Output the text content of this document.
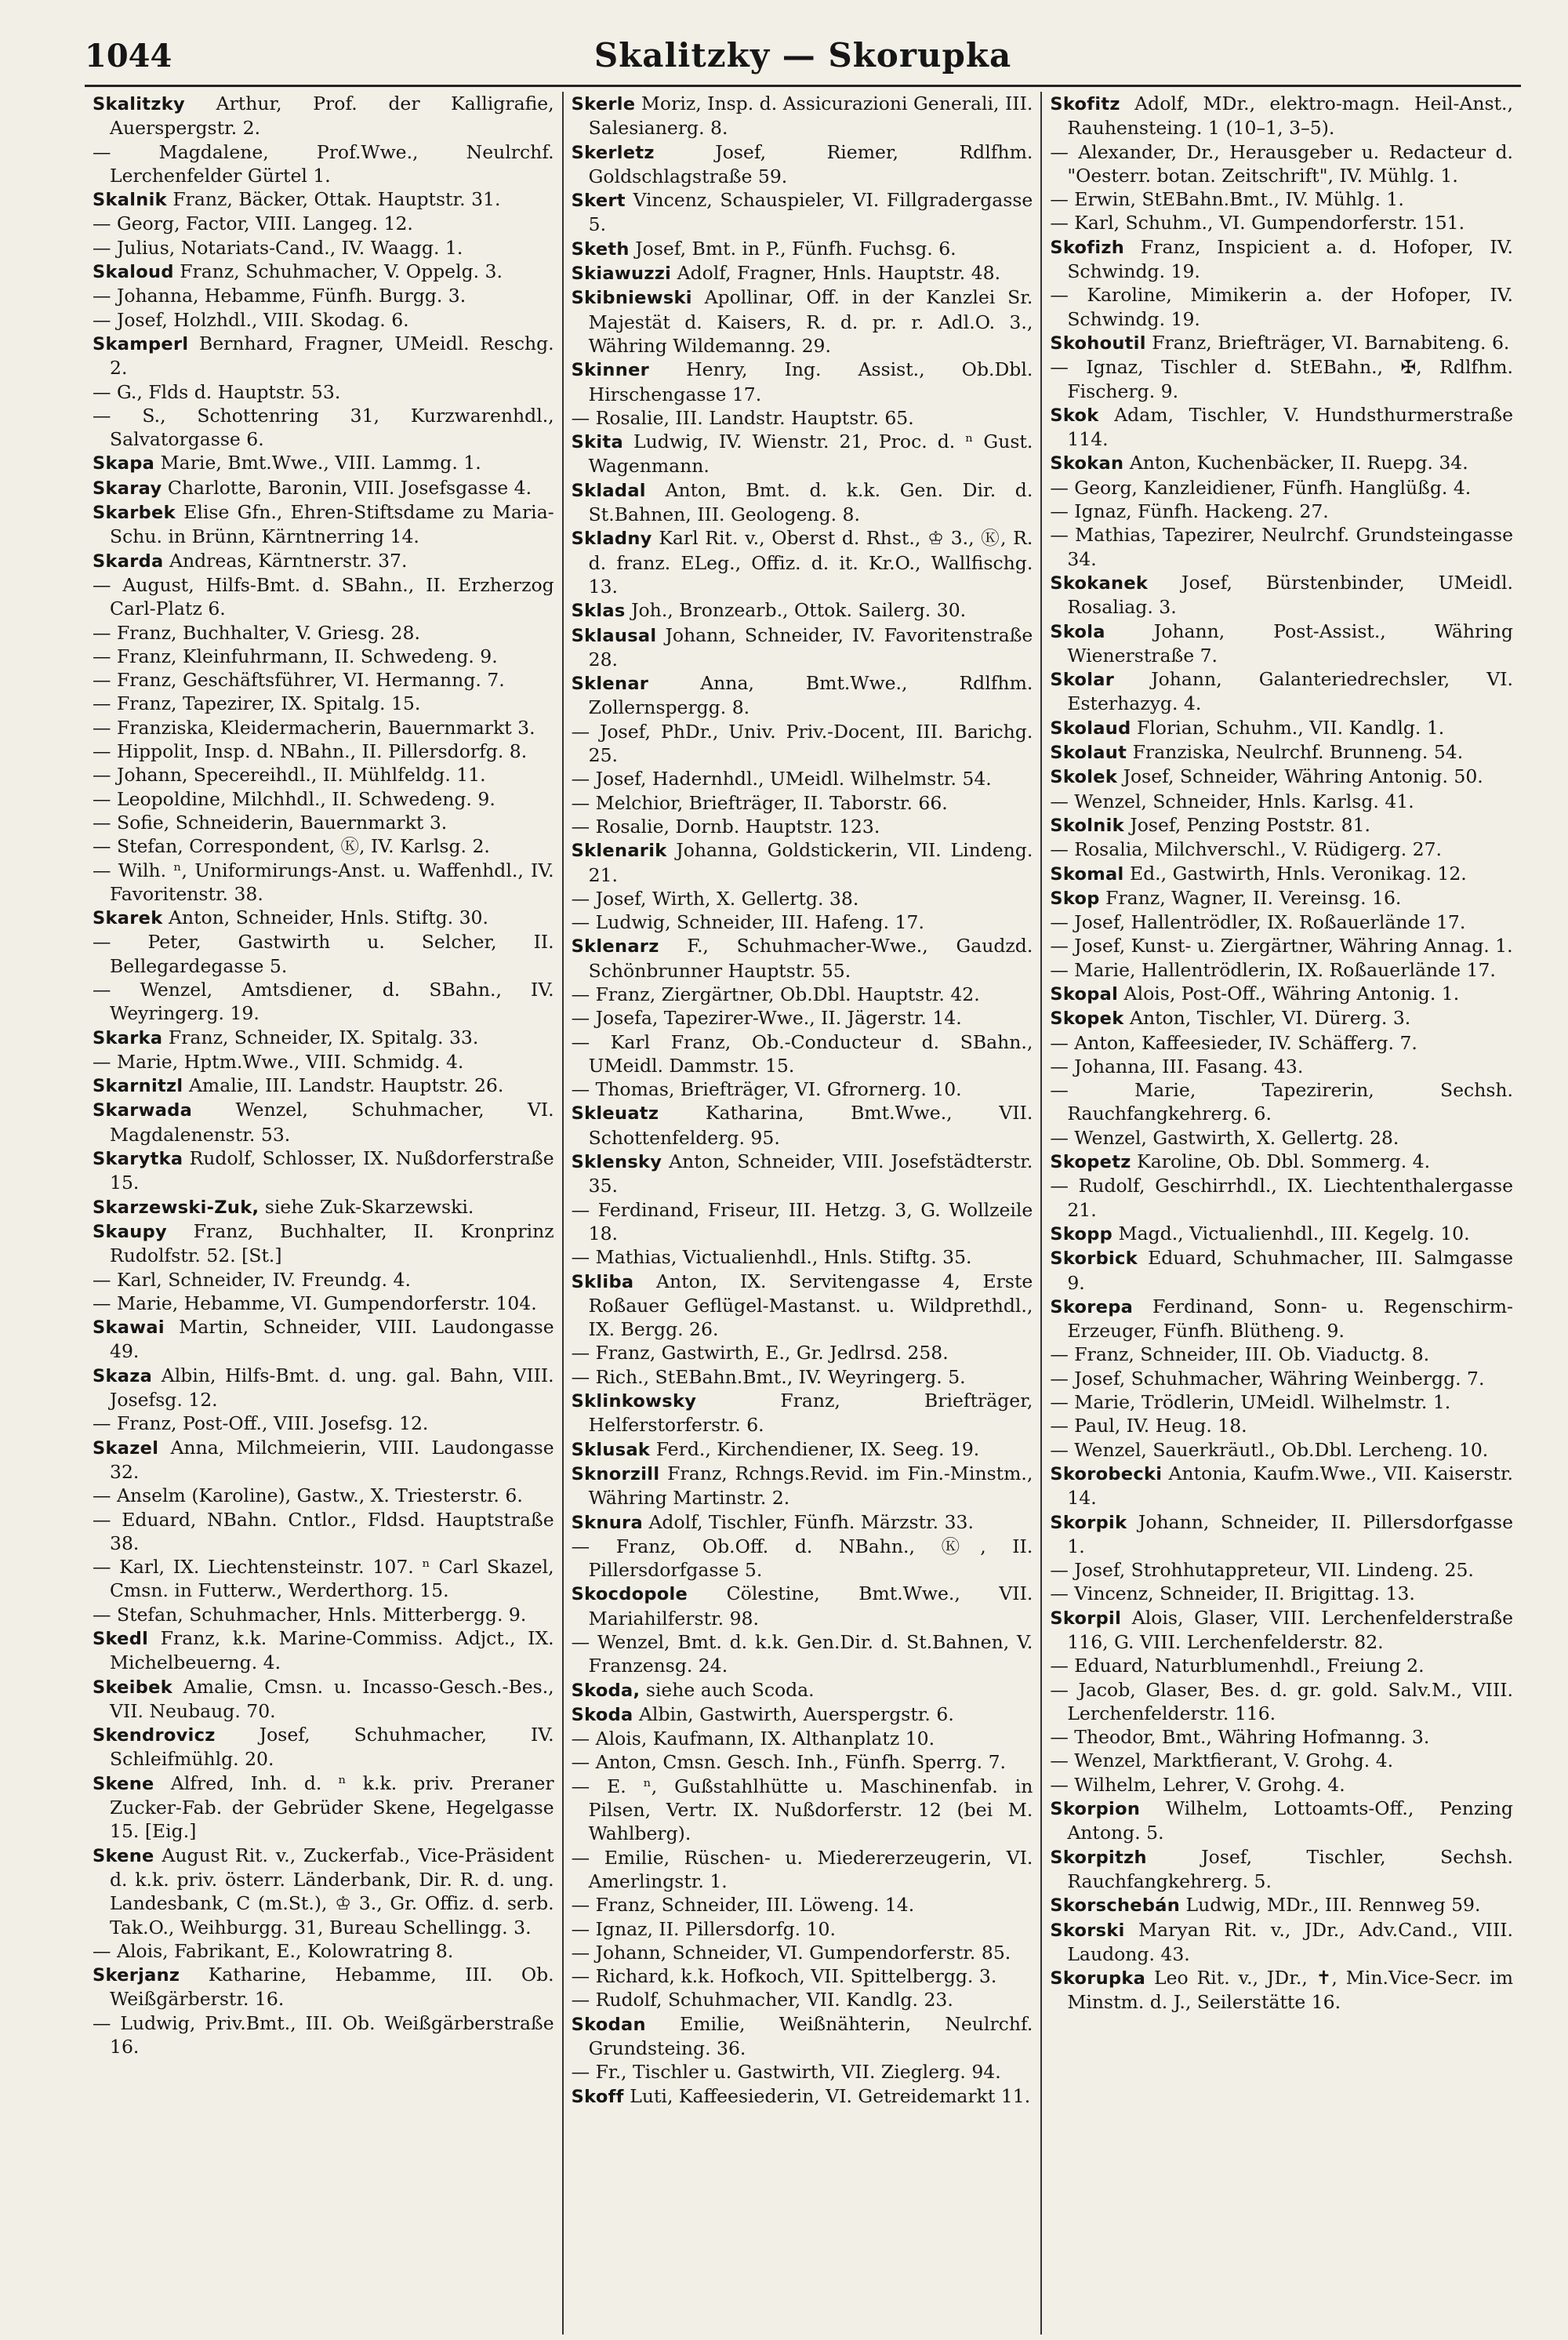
1044	Skalitzky — Skorupka

Skalitzky Arthur, Prof. der Kalligrafie, Auerspergstr. 2.

— Magdalene, Prof.Wwe., Neulrchf. Lerchenfelder Gürtel 1.

Skalnik Franz, Bäcker, Ottak. Hauptstr. 31.

— Georg, Factor, VIII. Langeg. 12.

— Julius, Notariats-Cand., IV. Waagg. 1.

Skaloud Franz, Schuhmacher, V. Oppelg. 3.

— Johanna, Hebamme, Fünfh. Burgg. 3.

— Josef, Holzhdl., VIII. Skodag. 6.

Skamperl Bernhard, Fragner, UMeidl. Reschg. 2.

— G., Flds d. Hauptstr. 53.

— S., Schottenring 31, Kurzwarenhdl., Salvatorgasse 6.

Skapa Marie, Bmt.Wwe., VIII. Lammg. 1.

Skaray Charlotte, Baronin, VIII. Josefsgasse 4.

Skarbek Elise Gfn., Ehren-Stiftsdame zu Maria-Schu. in Brünn, Kärntnerring 14.

Skarda Andreas, Kärntnerstr. 37.

— August, Hilfs-Bmt. d. SBahn., II. Erzherzog Carl-Platz 6.

— Franz, Buchhalter, V. Griesg. 28.

— Franz, Kleinfuhrmann, II. Schwedeng. 9.

— Franz, Geschäftsführer, VI. Hermanng. 7.

— Franz, Tapezirer, IX. Spitalg. 15.

— Franziska, Kleidermacherin, Bauernmarkt 3.

— Hippolit, Insp. d. NBahn., II. Pillersdorfg. 8.

— Johann, Specereihdl., II. Mühlfeldg. 11.

— Leopoldine, Milchhdl., II. Schwedeng. 9.

— Sofie, Schneiderin, Bauernmarkt 3.

— Stefan, Correspondent, Ⓚ, IV. Karlsg. 2.

— Wilh. ⁿ, Uniformirungs-Anst. u. Waffenhdl., IV. Favoritenstr. 38.

Skarek Anton, Schneider, Hnls. Stiftg. 30.

— Peter, Gastwirth u. Selcher, II. Bellegardegasse 5.

— Wenzel, Amtsdiener, d. SBahn., IV. Weyringerg. 19.

Skarka Franz, Schneider, IX. Spitalg. 33.

— Marie, Hptm.Wwe., VIII. Schmidg. 4.

Skarnitzl Amalie, III. Landstr. Hauptstr. 26.

Skarwada Wenzel, Schuhmacher, VI. Magdalenenstr. 53.

Skarytka Rudolf, Schlosser, IX. Nußdorferstraße 15.

Skarzewski-Zuk, siehe Zuk-Skarzewski.

Skaupy Franz, Buchhalter, II. Kronprinz Rudolfstr. 52. [St.]

— Karl, Schneider, IV. Freundg. 4.

— Marie, Hebamme, VI. Gumpendorferstr. 104.

Skawai Martin, Schneider, VIII. Laudongasse 49.

Skaza Albin, Hilfs-Bmt. d. ung. gal. Bahn, VIII. Josefsg. 12.

— Franz, Post-Off., VIII. Josefsg. 12.

Skazel Anna, Milchmeierin, VIII. Laudongasse 32.

— Anselm (Karoline), Gastw., X. Triesterstr. 6.

— Eduard, NBahn. Cntlor., Fldsd. Hauptstraße 38.

— Karl, IX. Liechtensteinstr. 107. ⁿ Carl Skazel, Cmsn. in Futterw., Werderthorg. 15.

— Stefan, Schuhmacher, Hnls. Mitterbergg. 9.

Skedl Franz, k.k. Marine-Commiss. Adjct., IX. Michelbeuerng. 4.

Skeibek Amalie, Cmsn. u. Incasso-Gesch.-Bes., VII. Neubaug. 70.

Skendrovicz Josef, Schuhmacher, IV. Schleifmühlg. 20.

Skene Alfred, Inh. d. ⁿ k.k. priv. Preraner Zucker-Fab. der Gebrüder Skene, Hegelgasse 15. [Eig.]

Skene August Rit. v., Zuckerfab., Vice-Präsident d. k.k. priv. österr. Länderbank, Dir. R. d. ung. Landesbank, C (m.St.), ♔ 3., Gr. Offiz. d. serb. Tak.O., Weihburgg. 31, Bureau Schellingg. 3.

— Alois, Fabrikant, E., Kolowratring 8.

Skerjanz Katharine, Hebamme, III. Ob. Weißgärberstr. 16.

— Ludwig, Priv.Bmt., III. Ob. Weißgärberstraße 16.

Skerle Moriz, Insp. d. Assicurazioni Generali, III. Salesianerg. 8.

Skerletz	Josef, Riemer, Rdlfhm. Goldschlagstraße 59.

Skert Vincenz, Schauspieler, VI. Fillgradergasse 5.

Sketh Josef, Bmt. in P., Fünfh. Fuchsg. 6.

Skiawuzzi Adolf, Fragner, Hnls. Hauptstr. 48.

Skibniewski Apollinar, Off. in der Kanzlei Sr. Majestät d. Kaisers, R. d. pr. r. Adl.O. 3., Währing Wildemanng. 29.

Skinner Henry, Ing. Assist., Ob.Dbl. Hirschengasse 17.

— Rosalie, III. Landstr. Hauptstr. 65.

Skita Ludwig, IV. Wienstr. 21, Proc. d. ⁿ Gust. Wagenmann.

Skladal Anton, Bmt. d. k.k. Gen. Dir. d. St.Bahnen, III. Geologeng. 8.

Skladny Karl Rit. v., Oberst d. Rhst., ♔ 3., Ⓚ, R. d. franz. ELeg., Offiz. d. it. Kr.O., Wallfischg. 13.

Sklas Joh., Bronzearb., Ottok. Sailerg. 30.

Sklausal Johann, Schneider, IV. Favoritenstraße 28.

Sklenar	Anna, Bmt.Wwe., Rdlfhm. Zollernspergg. 8.

— Josef, PhDr., Univ. Priv.-Docent, III. Barichg. 25.

— Josef, Hadernhdl., UMeidl. Wilhelmstr. 54.

— Melchior, Briefträger, II. Taborstr. 66.

— Rosalie, Dornb. Hauptstr. 123.

Sklenarik Johanna, Goldstickerin, VII. Lindeng. 21.

— Josef, Wirth, X. Gellertg. 38.

— Ludwig, Schneider, III. Hafeng. 17.

Sklenarz F., Schuhmacher-Wwe., Gaudzd. Schönbrunner Hauptstr. 55.

— Franz, Ziergärtner, Ob.Dbl. Hauptstr. 42.

— Josefa, Tapezirer-Wwe., II. Jägerstr. 14.

— Karl Franz, Ob.-Conducteur d. SBahn., UMeidl. Dammstr. 15.

— Thomas, Briefträger, VI. Gfrornerg. 10.

Skleuatz	Katharina, Bmt.Wwe., VII. Schottenfelderg. 95.

Sklensky Anton, Schneider, VIII. Josefstädterstr. 35.

— Ferdinand, Friseur, III. Hetzg. 3, G. Wollzeile 18.

— Mathias, Victualienhdl., Hnls. Stiftg. 35.

Skliba Anton, IX. Servitengasse 4, Erste Roßauer Geflügel-Mastanst. u. Wildprethdl., IX. Bergg. 26.

— Franz, Gastwirth, E., Gr. Jedlrsd. 258.

— Rich., StEBahn.Bmt., IV. Weyringerg. 5.

Sklinkowsky	Franz, Briefträger, Helferstorferstr. 6.

Sklusak Ferd., Kirchendiener, IX. Seeg. 19.

Sknorzill Franz, Rchngs.Revid. im Fin.-Minstm., Währing Martinstr. 2.

Sknura Adolf, Tischler, Fünfh. Märzstr. 33.

— Franz, Ob.Off. d. NBahn., Ⓚ, II. Pillersdorfgasse 5.

Skocdopole Cölestine, Bmt.Wwe., VII. Mariahilferstr. 98.

— Wenzel, Bmt. d. k.k. Gen.Dir. d. St.Bahnen, V. Franzensg. 24.

Skoda, siehe auch Scoda.

Skoda Albin, Gastwirth, Auerspergstr. 6.

— Alois, Kaufmann, IX. Althanplatz 10.

— Anton, Cmsn. Gesch. Inh., Fünfh. Sperrg. 7.

— E. ⁿ, Gußstahlhütte u. Maschinenfab. in Pilsen, Vertr. IX. Nußdorferstr. 12 (bei M. Wahlberg).

— Emilie, Rüschen- u. Miedererzeugerin, VI. Amerlingstr. 1.

— Franz, Schneider, III. Löweng. 14.

— Ignaz, II. Pillersdorfg. 10.

— Johann, Schneider, VI. Gumpendorferstr. 85.

— Richard, k.k. Hofkoch, VII. Spittelbergg. 3.

— Rudolf, Schuhmacher, VII. Kandlg. 23.

Skodan Emilie, Weißnähterin, Neulrchf. Grundsteing. 36.

— Fr., Tischler u. Gastwirth, VII. Zieglerg. 94.

Skoff Luti, Kaffeesiederin, VI. Getreidemarkt 11.

Skofitz Adolf, MDr., elektro-magn. Heil-Anst., Rauhensteing. 1 (10–1, 3–5).

— Alexander, Dr., Herausgeber u. Redacteur d. "Oesterr. botan. Zeitschrift", IV. Mühlg. 1.

— Erwin, StEBahn.Bmt., IV. Mühlg. 1.

— Karl, Schuhm., VI. Gumpendorferstr. 151.

Skofizh Franz, Inspicient a. d. Hofoper, IV. Schwindg. 19.

— Karoline, Mimikerin a. der Hofoper, IV. Schwindg. 19.

Skohoutil Franz, Briefträger, VI. Barnabiteng. 6.

— Ignaz, Tischler d. StEBahn., ✠, Rdlfhm. Fischerg. 9.

Skok Adam, Tischler, V. Hundsthurmerstraße 114.

Skokan Anton, Kuchenbäcker, II. Ruepg. 34.

— Georg, Kanzleidiener, Fünfh. Hanglüßg. 4.

— Ignaz, Fünfh. Hackeng. 27.

— Mathias, Tapezirer, Neulrchf. Grundsteingasse 34.

Skokanek Josef, Bürstenbinder, UMeidl. Rosaliag. 3.

Skola	Johann, Post-Assist., Währing Wienerstraße 7.

Skolar Johann, Galanteriedrechsler, VI. Esterhazyg. 4.

Skolaud Florian, Schuhm., VII. Kandlg. 1.

Skolaut Franziska, Neulrchf. Brunneng. 54.

Skolek Josef, Schneider, Währing Antonig. 50.

— Wenzel, Schneider, Hnls. Karlsg. 41.

Skolnik Josef, Penzing Poststr. 81.

— Rosalia, Milchverschl., V. Rüdigerg. 27.

Skomal Ed., Gastwirth, Hnls. Veronikag. 12.

Skop Franz, Wagner, II. Vereinsg. 16.

— Josef, Hallentrödler, IX. Roßauerlände 17.

— Josef, Kunst- u. Ziergärtner, Währing Annag. 1.

— Marie, Hallentrödlerin, IX. Roßauerlände 17.

Skopal Alois, Post-Off., Währing Antonig. 1.

Skopek Anton, Tischler, VI. Dürerg. 3.

— Anton, Kaffeesieder, IV. Schäfferg. 7.

— Johanna, III. Fasang. 43.

— Marie, Tapezirerin, Sechsh. Rauchfangkehrerg. 6.

— Wenzel, Gastwirth, X. Gellertg. 28.

Skopetz Karoline, Ob. Dbl. Sommerg. 4.

— Rudolf, Geschirrhdl., IX. Liechtenthalergasse 21.

Skopp Magd., Victualienhdl., III. Kegelg. 10.

Skorbick Eduard, Schuhmacher, III. Salmgasse 9.

Skorepa Ferdinand, Sonn- u. Regenschirm-Erzeuger, Fünfh. Blütheng. 9.

— Franz, Schneider, III. Ob. Viaductg. 8.

— Josef, Schuhmacher, Währing Weinbergg. 7.

— Marie, Trödlerin, UMeidl. Wilhelmstr. 1.

— Paul, IV. Heug. 18.

— Wenzel, Sauerkräutl., Ob.Dbl. Lercheng. 10.

Skorobecki Antonia, Kaufm.Wwe., VII. Kaiserstr. 14.

Skorpik Johann, Schneider, II. Pillersdorfgasse 1.

— Josef, Strohhutappreteur, VII. Lindeng. 25.

— Vincenz, Schneider, II. Brigittag. 13.

Skorpil Alois, Glaser, VIII. Lerchenfelderstraße 116, G. VIII. Lerchenfelderstr. 82.

— Eduard, Naturblumenhdl., Freiung 2.

— Jacob, Glaser, Bes. d. gr. gold. Salv.M., VIII. Lerchenfelderstr. 116.

— Theodor, Bmt., Währing Hofmanng. 3.

— Wenzel, Marktfierant, V. Grohg. 4.

— Wilhelm, Lehrer, V. Grohg. 4.

Skorpion Wilhelm, Lottoamts-Off., Penzing Antong. 5.

Skorpitzh	Josef, Tischler, Sechsh. Rauchfangkehrerg. 5.

Skorschebán Ludwig, MDr., III. Rennweg 59.

Skorski Maryan Rit. v., JDr., Adv.Cand., VIII. Laudong. 43.

Skorupka Leo Rit. v., JDr., ✝, Min.Vice-Secr. im Minstm. d. J., Seilerstätte 16.
